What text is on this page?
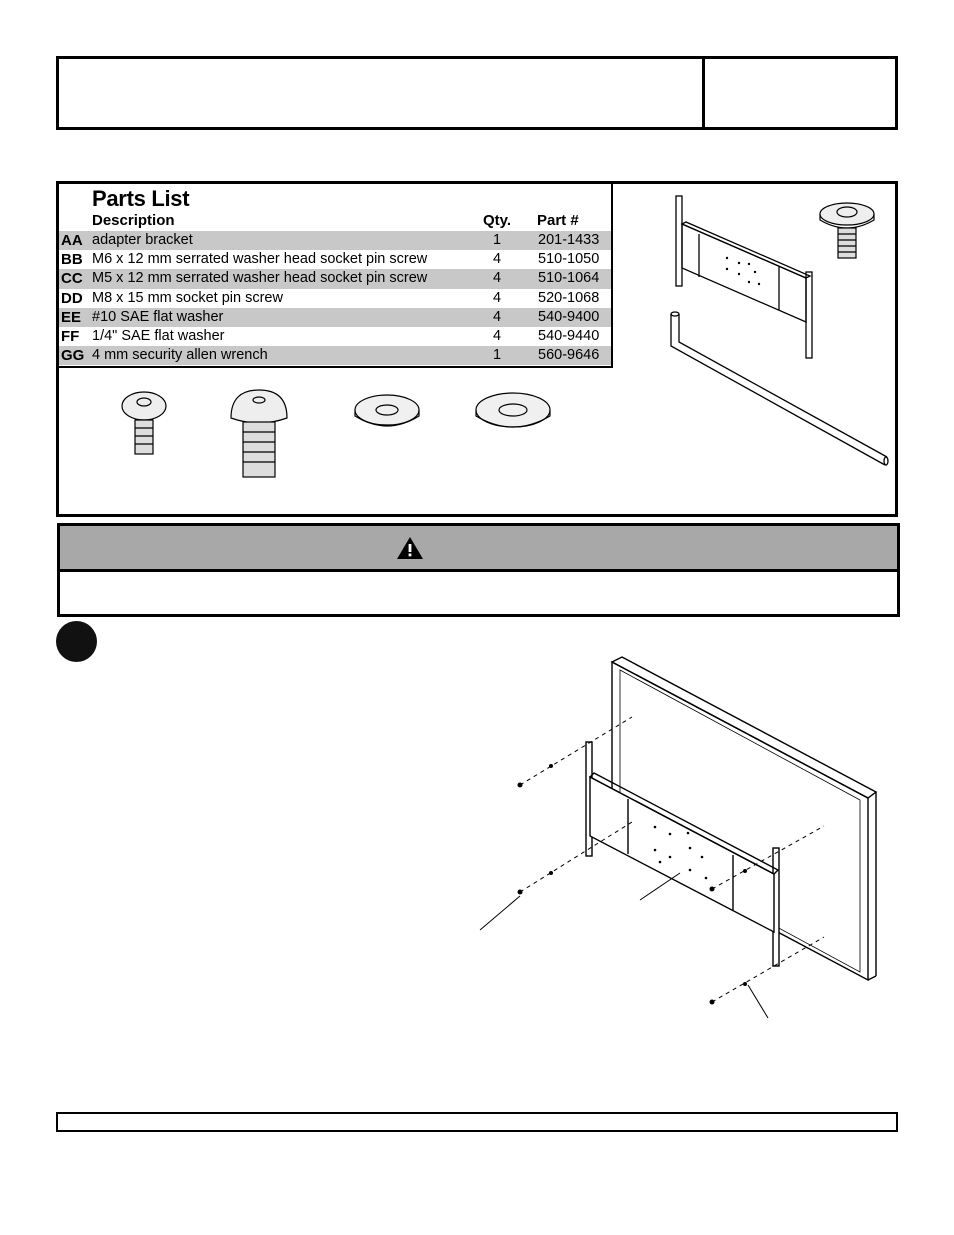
Parts List
Description	Qty. Part #
AA adapter bracket	1	201-1433
BB M6 x 12 mm serrated washer head socket pin screw	4	510-1050
CC M5 x 12 mm serrated washer head socket pin screw	4	510-1064
DD M8 x 15 mm socket pin screw	4	520-1068
EE #10 SAE flat washer	4	540-9400
FF 1/4" SAE flat washer	4	540-9440
GG 4 mm security allen wrench	1	560-9646
